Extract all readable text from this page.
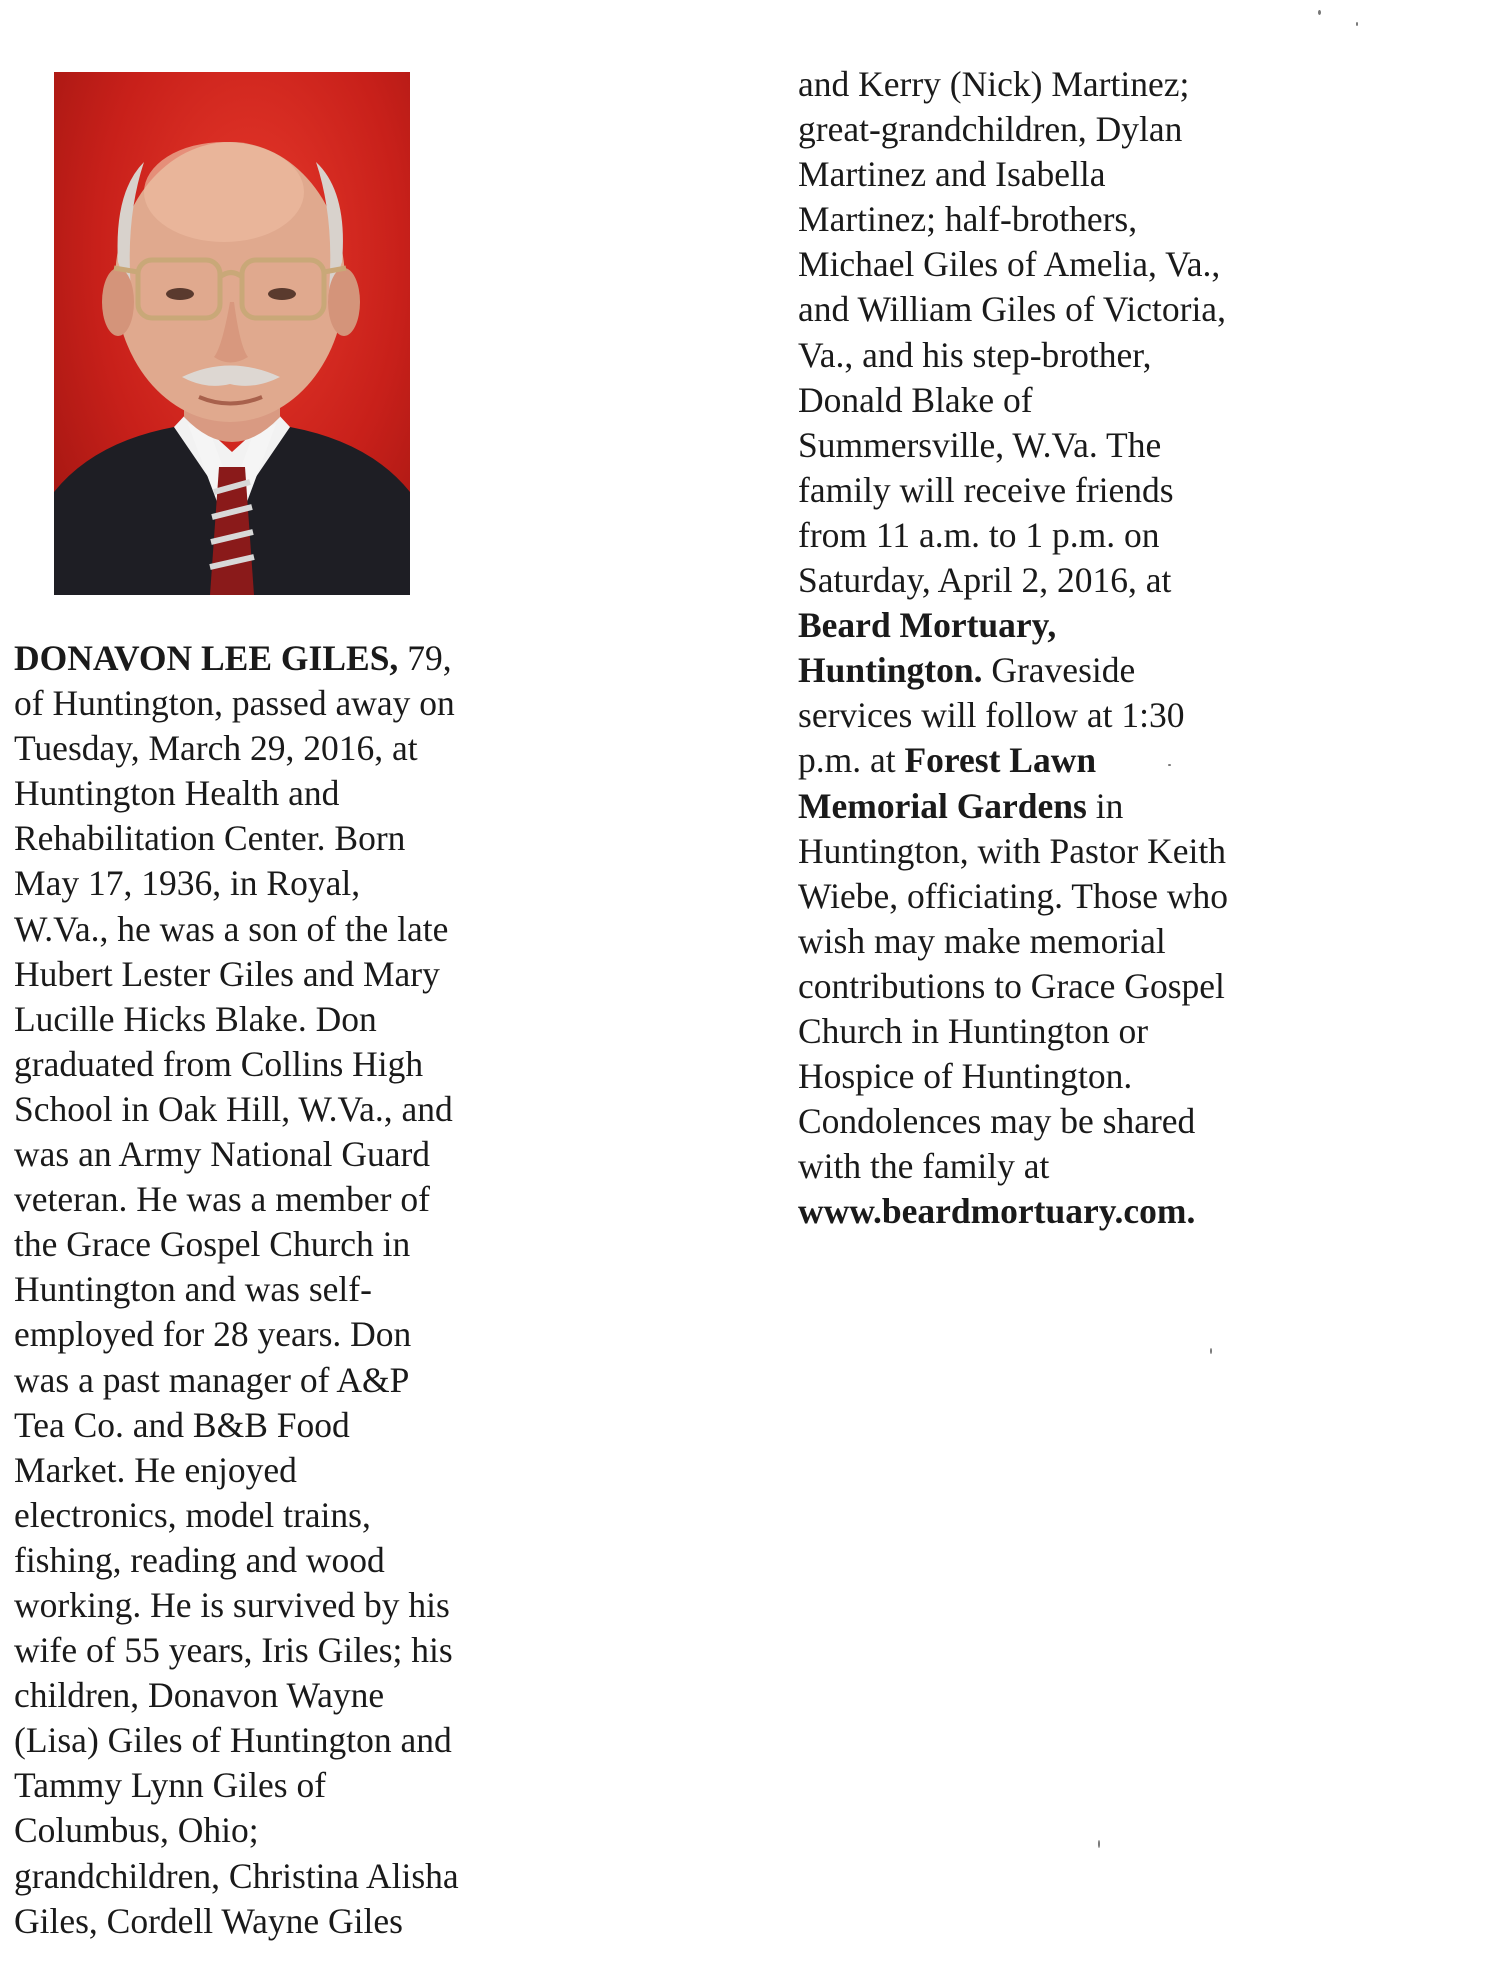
DONAVON LEE GILES, 79,
of Huntington, passed away on
Tuesday, March 29, 2016, at
Huntington Health and
Rehabilitation Center. Born
May 17, 1936, in Royal,
W.Va., he was a son of the late
Hubert Lester Giles and Mary
Lucille Hicks Blake. Don
graduated from Collins High
School in Oak Hill, W.Va., and
was an Army National Guard
veteran. He was a member of
the Grace Gospel Church in
Huntington and was self-
employed for 28 years. Don
was a past manager of A&P
Tea Co. and B&B Food
Market. He enjoyed
electronics, model trains,
fishing, reading and wood
working. He is survived by his
wife of 55 years, Iris Giles; his
children, Donavon Wayne
(Lisa) Giles of Huntington and
Tammy Lynn Giles of
Columbus, Ohio;
grandchildren, Christina Alisha
Giles, Cordell Wayne Giles
and Kerry (Nick) Martinez;
great-grandchildren, Dylan
Martinez and Isabella
Martinez; half-brothers,
Michael Giles of Amelia, Va.,
and William Giles of Victoria,
Va., and his step-brother,
Donald Blake of
Summersville, W.Va. The
family will receive friends
from 11 a.m. to 1 p.m. on
Saturday, April 2, 2016, at
Beard Mortuary,
Huntington. Graveside
services will follow at 1:30
p.m. at Forest Lawn
Memorial Gardens in
Huntington, with Pastor Keith
Wiebe, officiating. Those who
wish may make memorial
contributions to Grace Gospel
Church in Huntington or
Hospice of Huntington.
Condolences may be shared
with the family at
www.beardmortuary.com.
